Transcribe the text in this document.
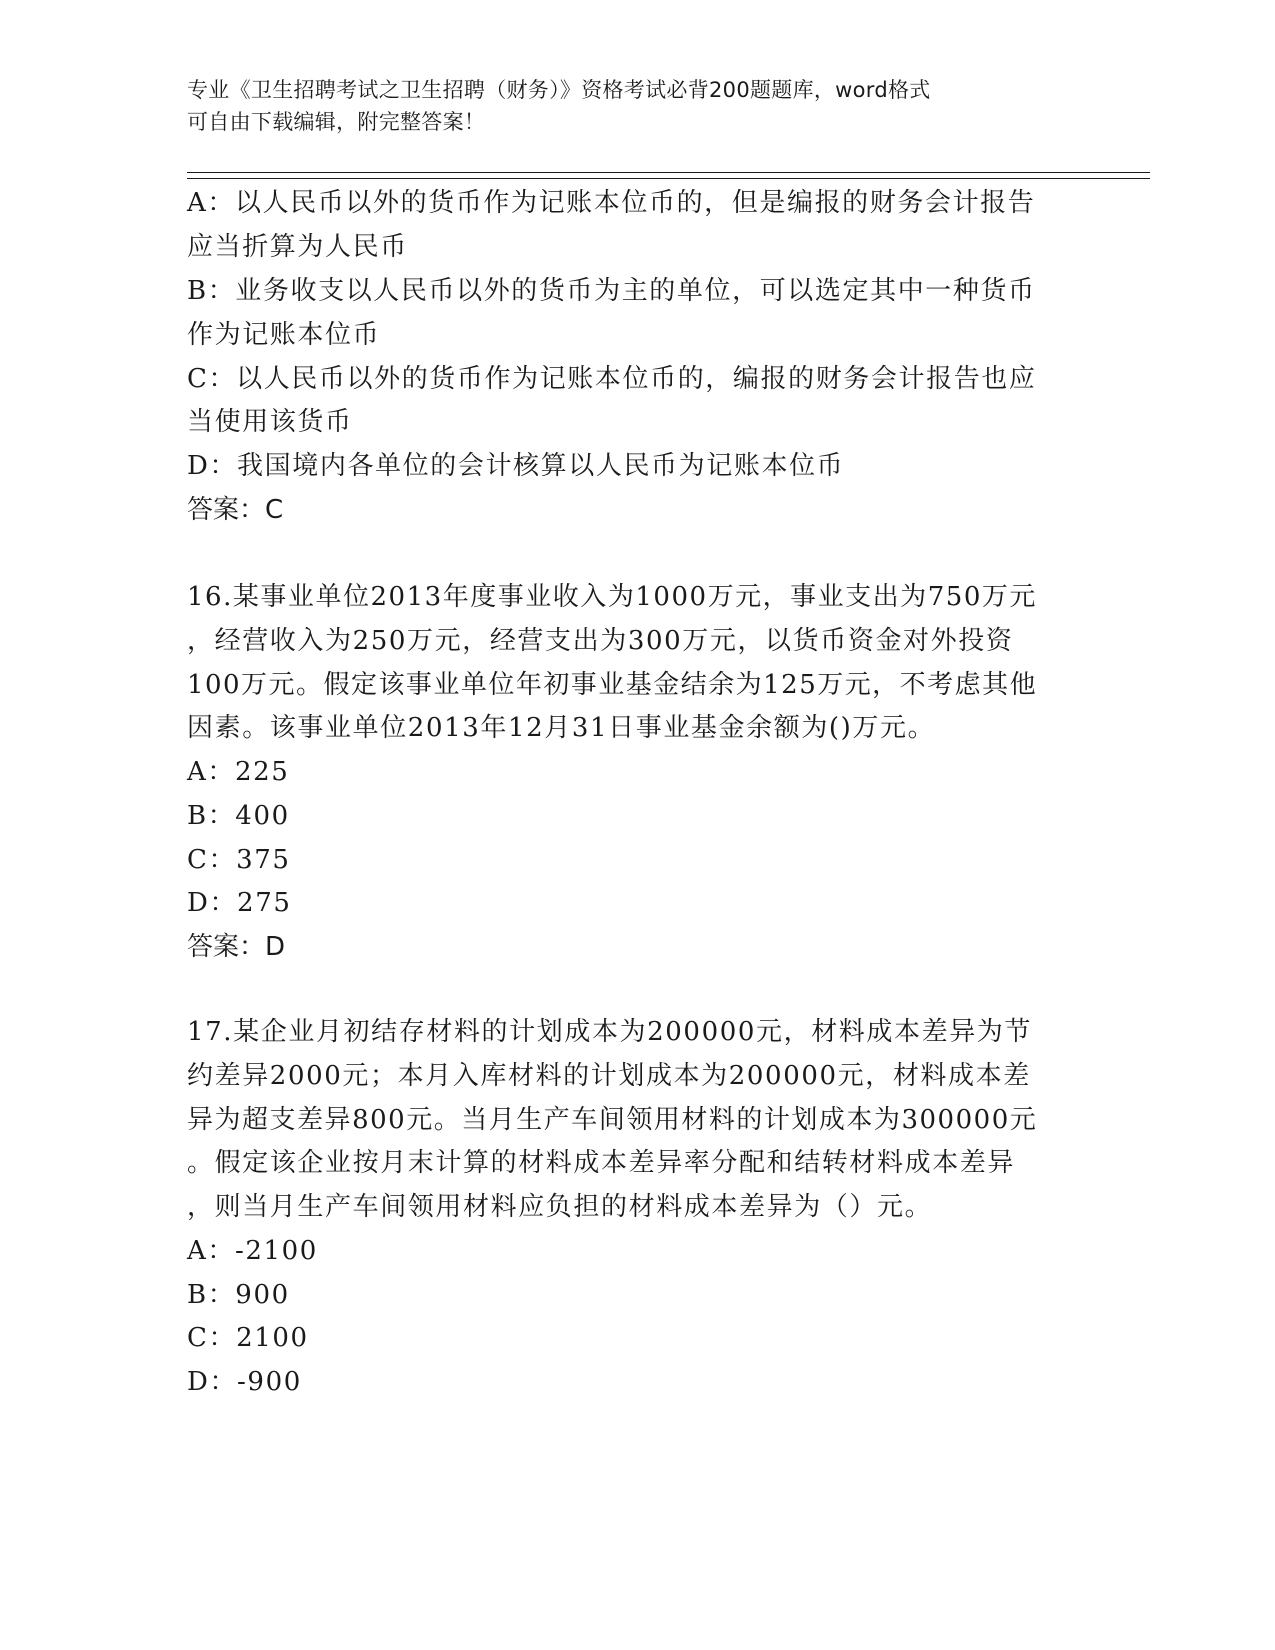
专业《卫生招聘考试之卫生招聘（财务）》资格考试必背200题题库，word格式
可自由下载编辑，附完整答案！
A：以人民币以外的货币作为记账本位币的，但是编报的财务会计报告
应当折算为人民币
B：业务收支以人民币以外的货币为主的单位，可以选定其中一种货币
作为记账本位币
C：以人民币以外的货币作为记账本位币的，编报的财务会计报告也应
当使用该货币
D：我国境内各单位的会计核算以人民币为记账本位币
答案：C
16.某事业单位2013年度事业收入为1000万元，事业支出为750万元
，经营收入为250万元，经营支出为300万元，以货币资金对外投资
100万元。假定该事业单位年初事业基金结余为125万元，不考虑其他
因素。该事业单位2013年12月31日事业基金余额为()万元。
A：225
B：400
C：375
D：275
答案：D
17.某企业月初结存材料的计划成本为200000元，材料成本差异为节
约差异2000元；本月入库材料的计划成本为200000元，材料成本差
异为超支差异800元。当月生产车间领用材料的计划成本为300000元
。假定该企业按月末计算的材料成本差异率分配和结转材料成本差异
，则当月生产车间领用材料应负担的材料成本差异为（）元。
A：-2100
B：900
C：2100
D：-900
